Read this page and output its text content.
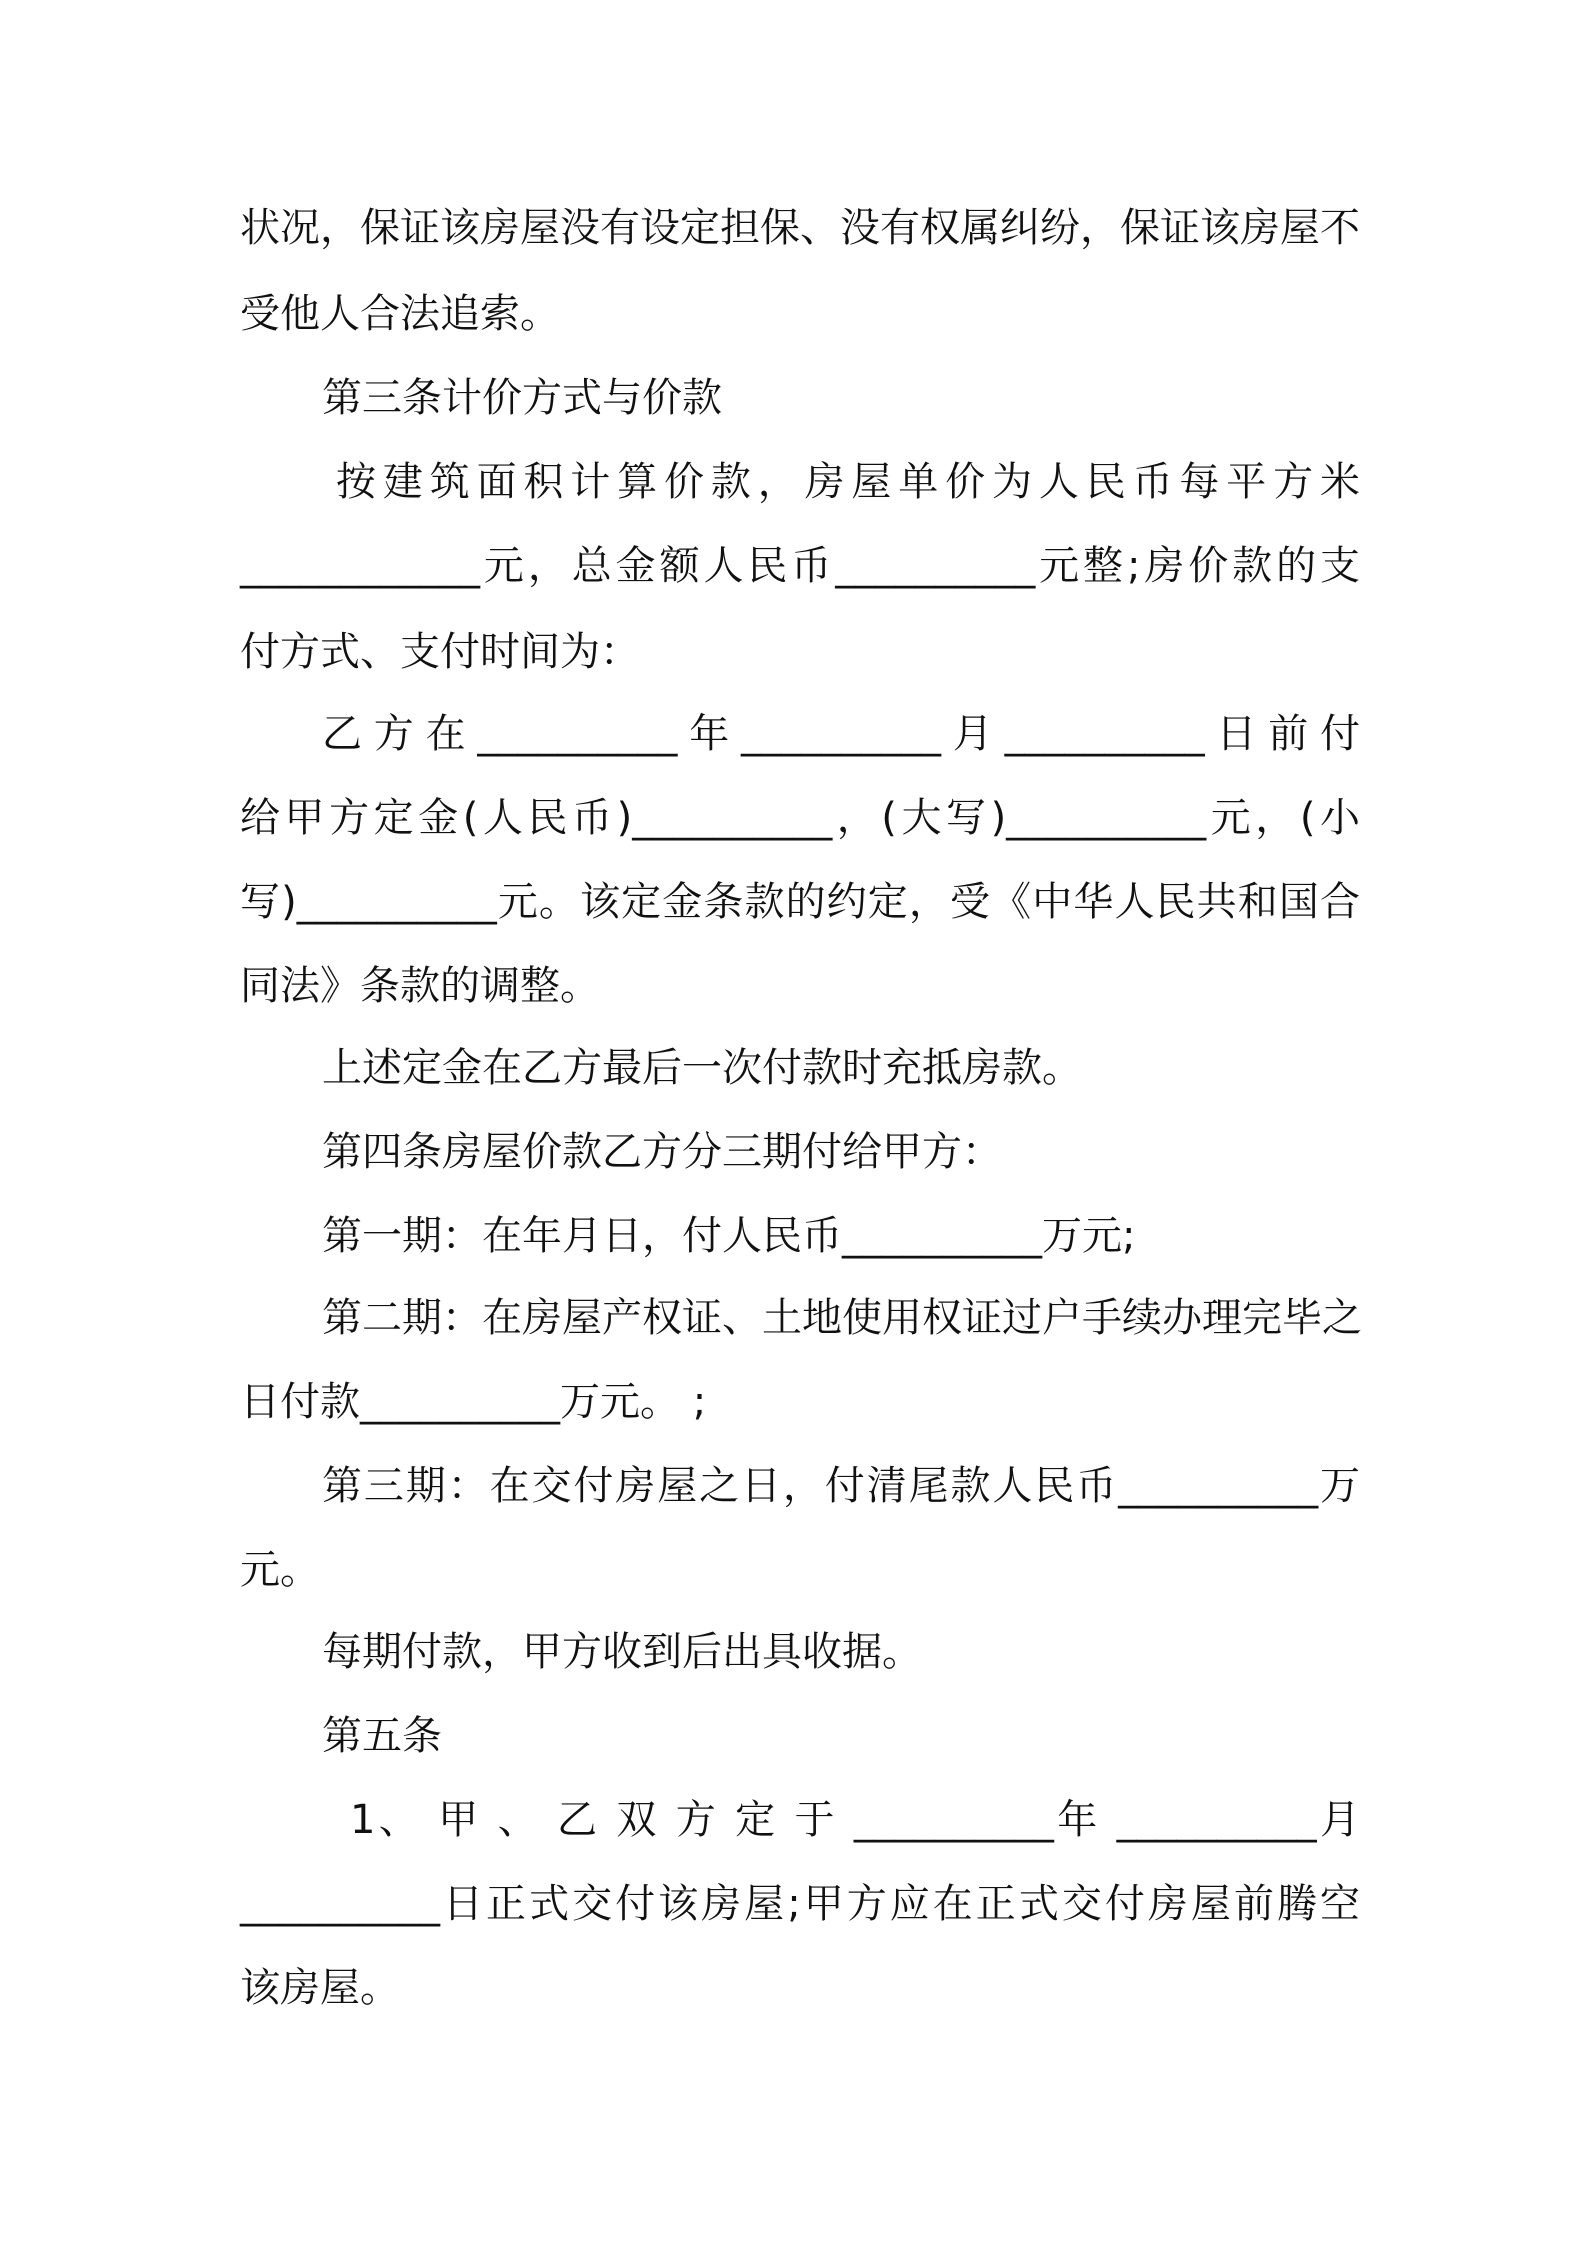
状况，保证该房屋没有设定担保、没有权属纠纷，保证该房屋不
受他人合法追索。
第三条计价方式与价款
按建筑面积计算价款，房屋单价为人民币每平方米
____________元，总金额人民币__________元整;房价款的支
付方式、支付时间为：
乙方在__________年__________月__________日前付
给甲方定金(人民币)__________，(大写)__________元，(小
写)__________元。该定金条款的约定，受《中华人民共和国合
同法》条款的调整。
上述定金在乙方最后一次付款时充抵房款。
第四条房屋价款乙方分三期付给甲方：
第一期：在年月日，付人民币__________万元;
第二期：在房屋产权证、土地使用权证过户手续办理完毕之
日付款__________万元。 ;
第三期：在交付房屋之日，付清尾款人民币__________万
元。
每期付款，甲方收到后出具收据。
第五条
1、 甲 、 乙 双 方 定 于 __________年 __________月
__________日正式交付该房屋;甲方应在正式交付房屋前腾空
该房屋。
